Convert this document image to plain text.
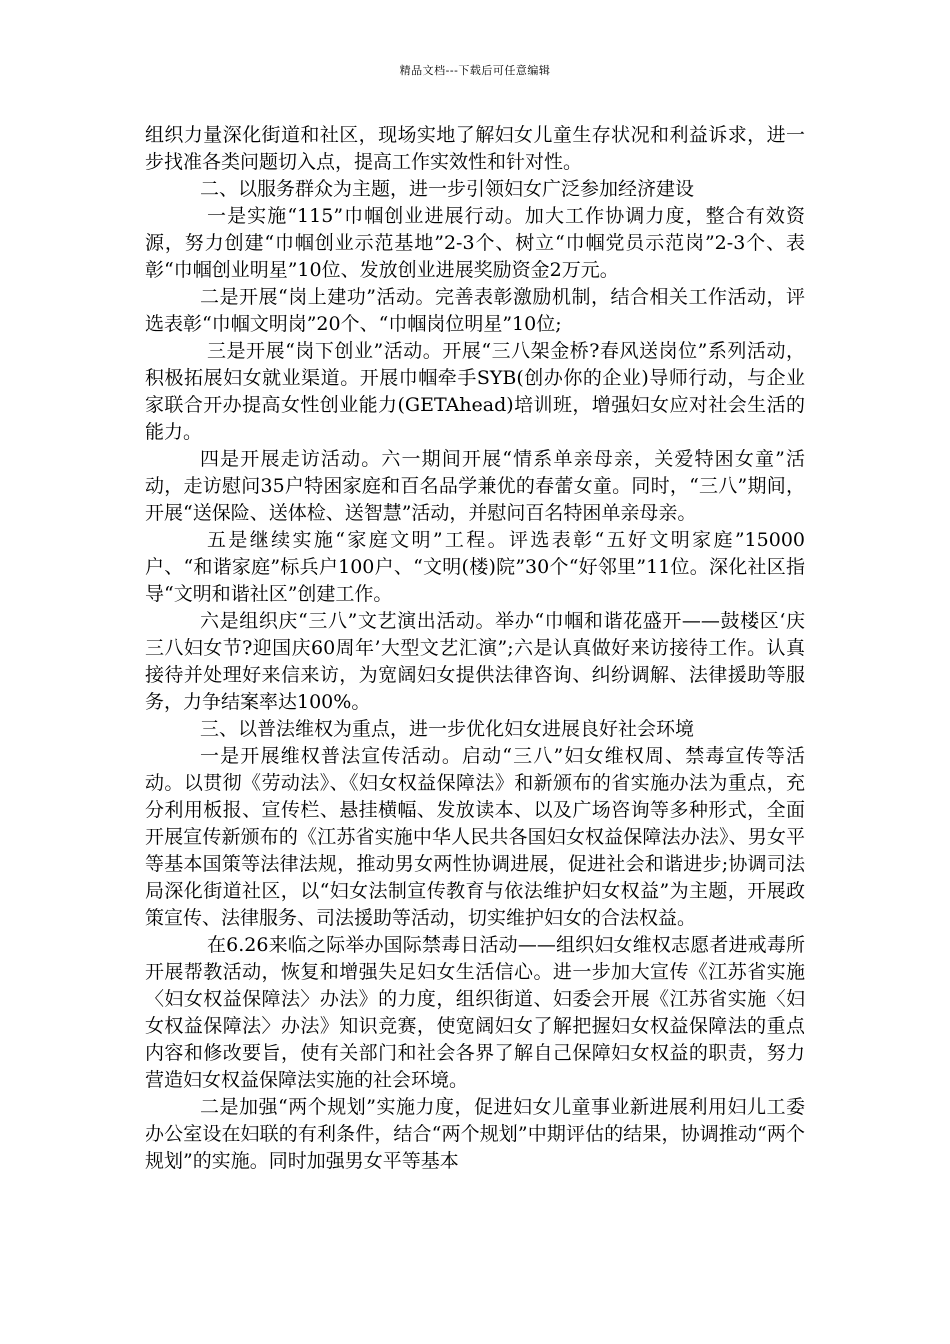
精品文档---下载后可任意编辑

组织力量深化街道和社区，现场实地了解妇女儿童生存状况和利益诉求，进一步找准各类问题切入点，提高工作实效性和针对性。

二、以服务群众为主题，进一步引领妇女广泛参加经济建设

一是实施“115”巾帼创业进展行动。加大工作协调力度，整合有效资源，努力创建“巾帼创业示范基地”2-3个、树立“巾帼党员示范岗”2-3个、表彰“巾帼创业明星”10位、发放创业进展奖励资金2万元。

二是开展“岗上建功”活动。完善表彰激励机制，结合相关工作活动，评选表彰“巾帼文明岗”20个、“巾帼岗位明星”10位;

三是开展“岗下创业”活动。开展“三八架金桥?春风送岗位”系列活动，积极拓展妇女就业渠道。开展巾帼牵手SYB(创办你的企业)导师行动，与企业家联合开办提高女性创业能力(GETAhead)培训班，增强妇女应对社会生活的能力。

四是开展走访活动。六一期间开展“情系单亲母亲，关爱特困女童”活动，走访慰问35户特困家庭和百名品学兼优的春蕾女童。同时，“三八”期间，开展“送保险、送体检、送智慧”活动，并慰问百名特困单亲母亲。

五是继续实施“家庭文明”工程。评选表彰“五好文明家庭”15000户、“和谐家庭”标兵户100户、“文明(楼)院”30个“好邻里”11位。深化社区指导“文明和谐社区”创建工作。

六是组织庆“三八”文艺演出活动。举办“巾帼和谐花盛开——鼓楼区‘庆三八妇女节?迎国庆60周年’大型文艺汇演”;六是认真做好来访接待工作。认真接待并处理好来信来访，为宽阔妇女提供法律咨询、纠纷调解、法律援助等服务，力争结案率达100%。

三、以普法维权为重点，进一步优化妇女进展良好社会环境

一是开展维权普法宣传活动。启动“三八”妇女维权周、禁毒宣传等活动。以贯彻《劳动法》、《妇女权益保障法》和新颁布的省实施办法为重点，充分利用板报、宣传栏、悬挂横幅、发放读本、以及广场咨询等多种形式，全面开展宣传新颁布的《江苏省实施中华人民共各国妇女权益保障法办法》、男女平等基本国策等法律法规，推动男女两性协调进展，促进社会和谐进步;协调司法局深化街道社区，以“妇女法制宣传教育与依法维护妇女权益”为主题，开展政策宣传、法律服务、司法援助等活动，切实维护妇女的合法权益。

在6.26来临之际举办国际禁毒日活动——组织妇女维权志愿者进戒毒所开展帮教活动，恢复和增强失足妇女生活信心。进一步加大宣传《江苏省实施〈妇女权益保障法〉办法》的力度，组织街道、妇委会开展《江苏省实施〈妇女权益保障法〉办法》知识竞赛，使宽阔妇女了解把握妇女权益保障法的重点内容和修改要旨，使有关部门和社会各界了解自己保障妇女权益的职责，努力营造妇女权益保障法实施的社会环境。

二是加强“两个规划”实施力度，促进妇女儿童事业新进展利用妇儿工委办公室设在妇联的有利条件，结合“两个规划”中期评估的结果，协调推动“两个规划”的实施。同时加强男女平等基本
